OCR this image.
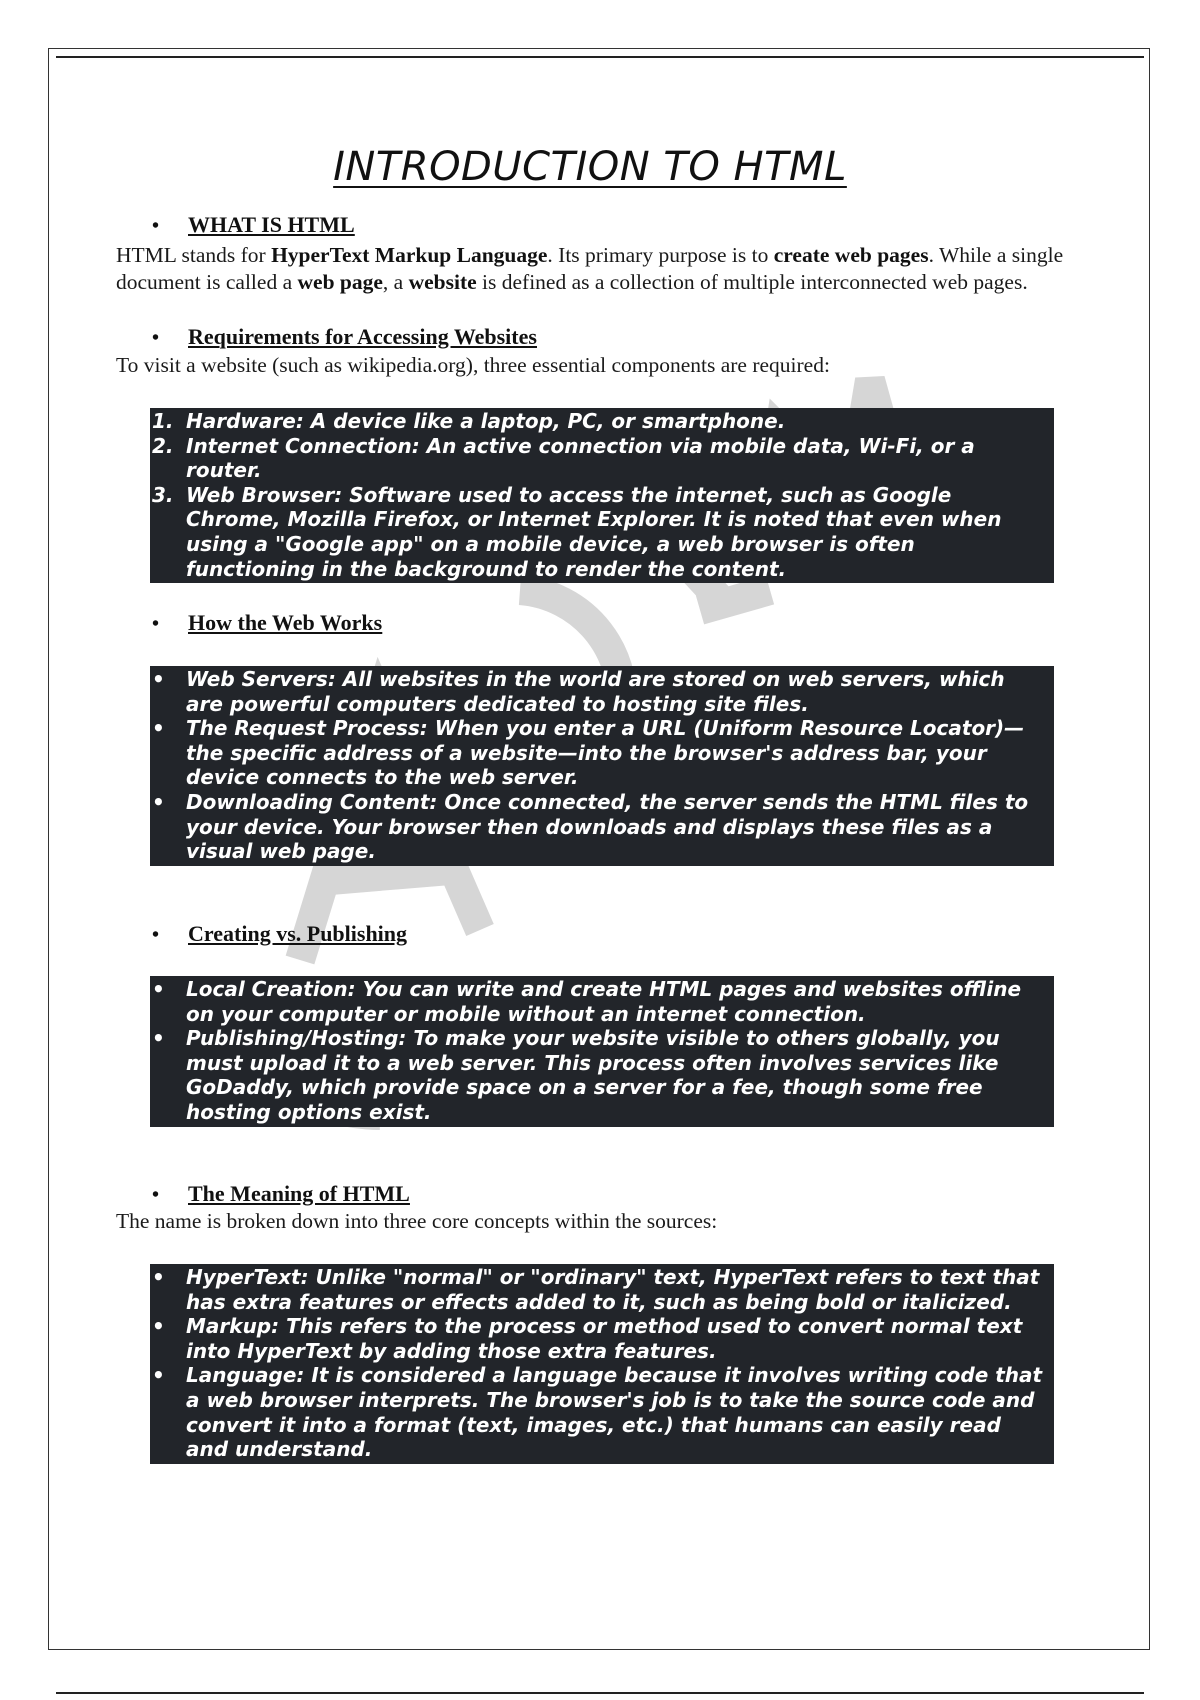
INTRODUCTION TO HTML
• WHAT IS HTML
HTML stands for HyperText Markup Language. Its primary purpose is to create web pages. While a single document is called a web page, a website is defined as a collection of multiple interconnected web pages.
• Requirements for Accessing Websites
To visit a website (such as wikipedia.org), three essential components are required:
1. Hardware: A device like a laptop, PC, or smartphone.
2. Internet Connection: An active connection via mobile data, Wi-Fi, or a router.
3. Web Browser: Software used to access the internet, such as Google Chrome, Mozilla Firefox, or Internet Explorer. It is noted that even when using a "Google app" on a mobile device, a web browser is often functioning in the background to render the content.
• How the Web Works
• Web Servers: All websites in the world are stored on web servers, which are powerful computers dedicated to hosting site files.
• The Request Process: When you enter a URL (Uniform Resource Locator)—the specific address of a website—into the browser's address bar, your device connects to the web server.
• Downloading Content: Once connected, the server sends the HTML files to your device. Your browser then downloads and displays these files as a visual web page.
• Creating vs. Publishing
• Local Creation: You can write and create HTML pages and websites offline on your computer or mobile without an internet connection.
• Publishing/Hosting: To make your website visible to others globally, you must upload it to a web server. This process often involves services like GoDaddy, which provide space on a server for a fee, though some free hosting options exist.
• The Meaning of HTML
The name is broken down into three core concepts within the sources:
• HyperText: Unlike "normal" or "ordinary" text, HyperText refers to text that has extra features or effects added to it, such as being bold or italicized.
• Markup: This refers to the process or method used to convert normal text into HyperText by adding those extra features.
• Language: It is considered a language because it involves writing code that a web browser interprets. The browser's job is to take the source code and convert it into a format (text, images, etc.) that humans can easily read and understand.
